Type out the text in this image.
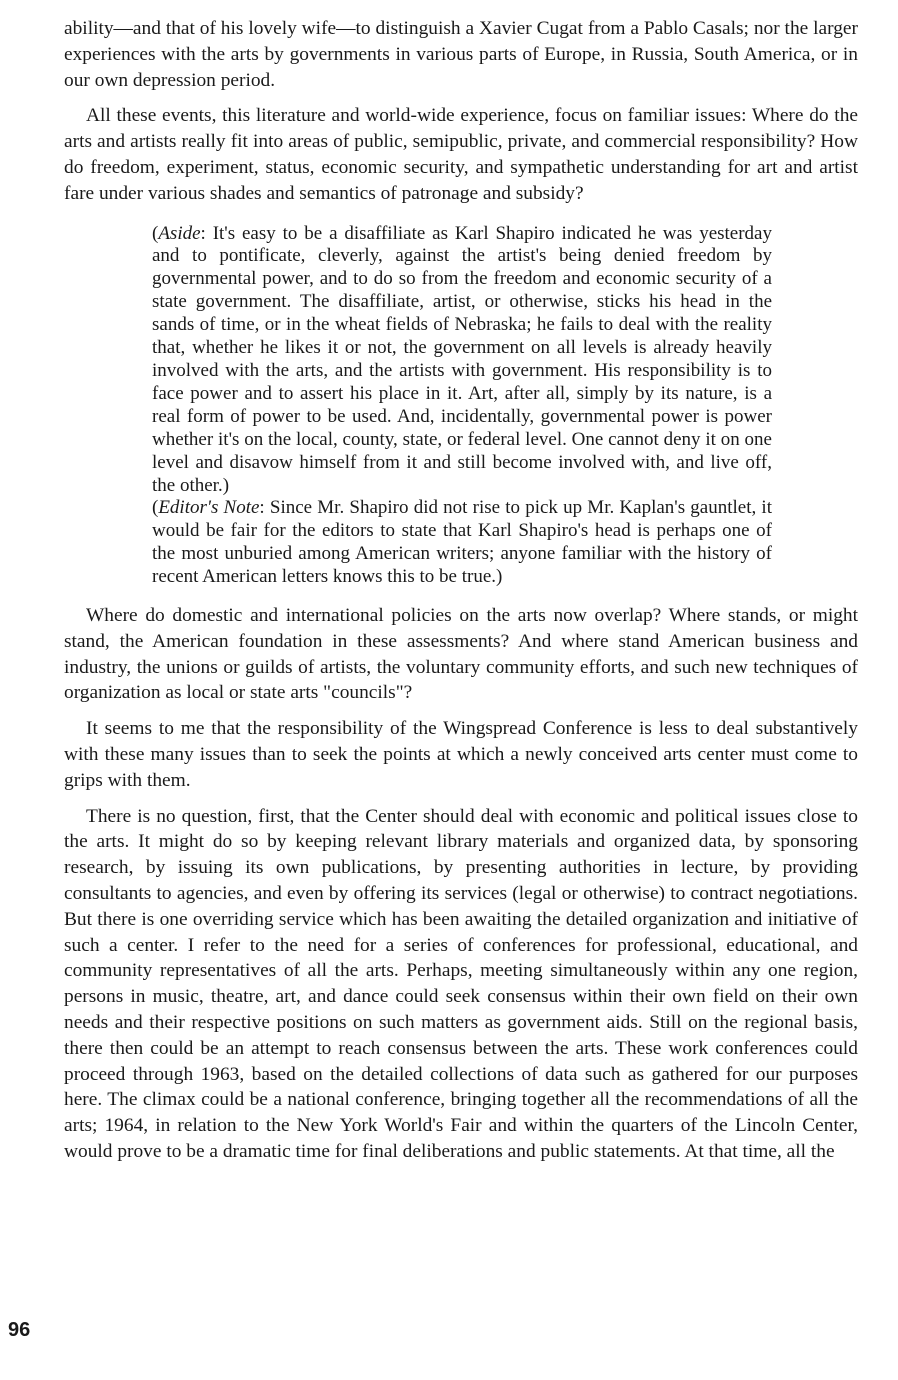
ability—and that of his lovely wife—to distinguish a Xavier Cugat from a Pablo Casals; nor the larger experiences with the arts by governments in various parts of Europe, in Russia, South America, or in our own depression period.

All these events, this literature and world-wide experience, focus on familiar issues: Where do the arts and artists really fit into areas of public, semipublic, private, and commercial responsibility? How do freedom, experiment, status, economic security, and sympathetic understanding for art and artist fare under various shades and semantics of patronage and subsidy?

(Aside: It's easy to be a disaffiliate as Karl Shapiro indicated he was yesterday and to pontificate, cleverly, against the artist's being denied freedom by governmental power, and to do so from the freedom and economic security of a state government. The disaffiliate, artist, or otherwise, sticks his head in the sands of time, or in the wheat fields of Nebraska; he fails to deal with the reality that, whether he likes it or not, the government on all levels is already heavily involved with the arts, and the artists with government. His responsibility is to face power and to assert his place in it. Art, after all, simply by its nature, is a real form of power to be used. And, incidentally, governmental power is power whether it's on the local, county, state, or federal level. One cannot deny it on one level and disavow himself from it and still become involved with, and live off, the other.)

(Editor's Note: Since Mr. Shapiro did not rise to pick up Mr. Kaplan's gauntlet, it would be fair for the editors to state that Karl Shapiro's head is perhaps one of the most unburied among American writers; anyone familiar with the history of recent American letters knows this to be true.)

Where do domestic and international policies on the arts now overlap? Where stands, or might stand, the American foundation in these assessments? And where stand American business and industry, the unions or guilds of artists, the voluntary community efforts, and such new techniques of organization as local or state arts "councils"?

It seems to me that the responsibility of the Wingspread Conference is less to deal substantively with these many issues than to seek the points at which a newly conceived arts center must come to grips with them.

There is no question, first, that the Center should deal with economic and political issues close to the arts. It might do so by keeping relevant library materials and organized data, by sponsoring research, by issuing its own publications, by presenting authorities in lecture, by providing consultants to agencies, and even by offering its services (legal or otherwise) to contract negotiations. But there is one overriding service which has been awaiting the detailed organization and initiative of such a center. I refer to the need for a series of conferences for professional, educational, and community representatives of all the arts. Perhaps, meeting simultaneously within any one region, persons in music, theatre, art, and dance could seek consensus within their own field on their own needs and their respective positions on such matters as government aids. Still on the regional basis, there then could be an attempt to reach consensus between the arts. These work conferences could proceed through 1963, based on the detailed collections of data such as gathered for our purposes here. The climax could be a national conference, bringing together all the recommendations of all the arts; 1964, in relation to the New York World's Fair and within the quarters of the Lincoln Center, would prove to be a dramatic time for final deliberations and public statements. At that time, all the

96
